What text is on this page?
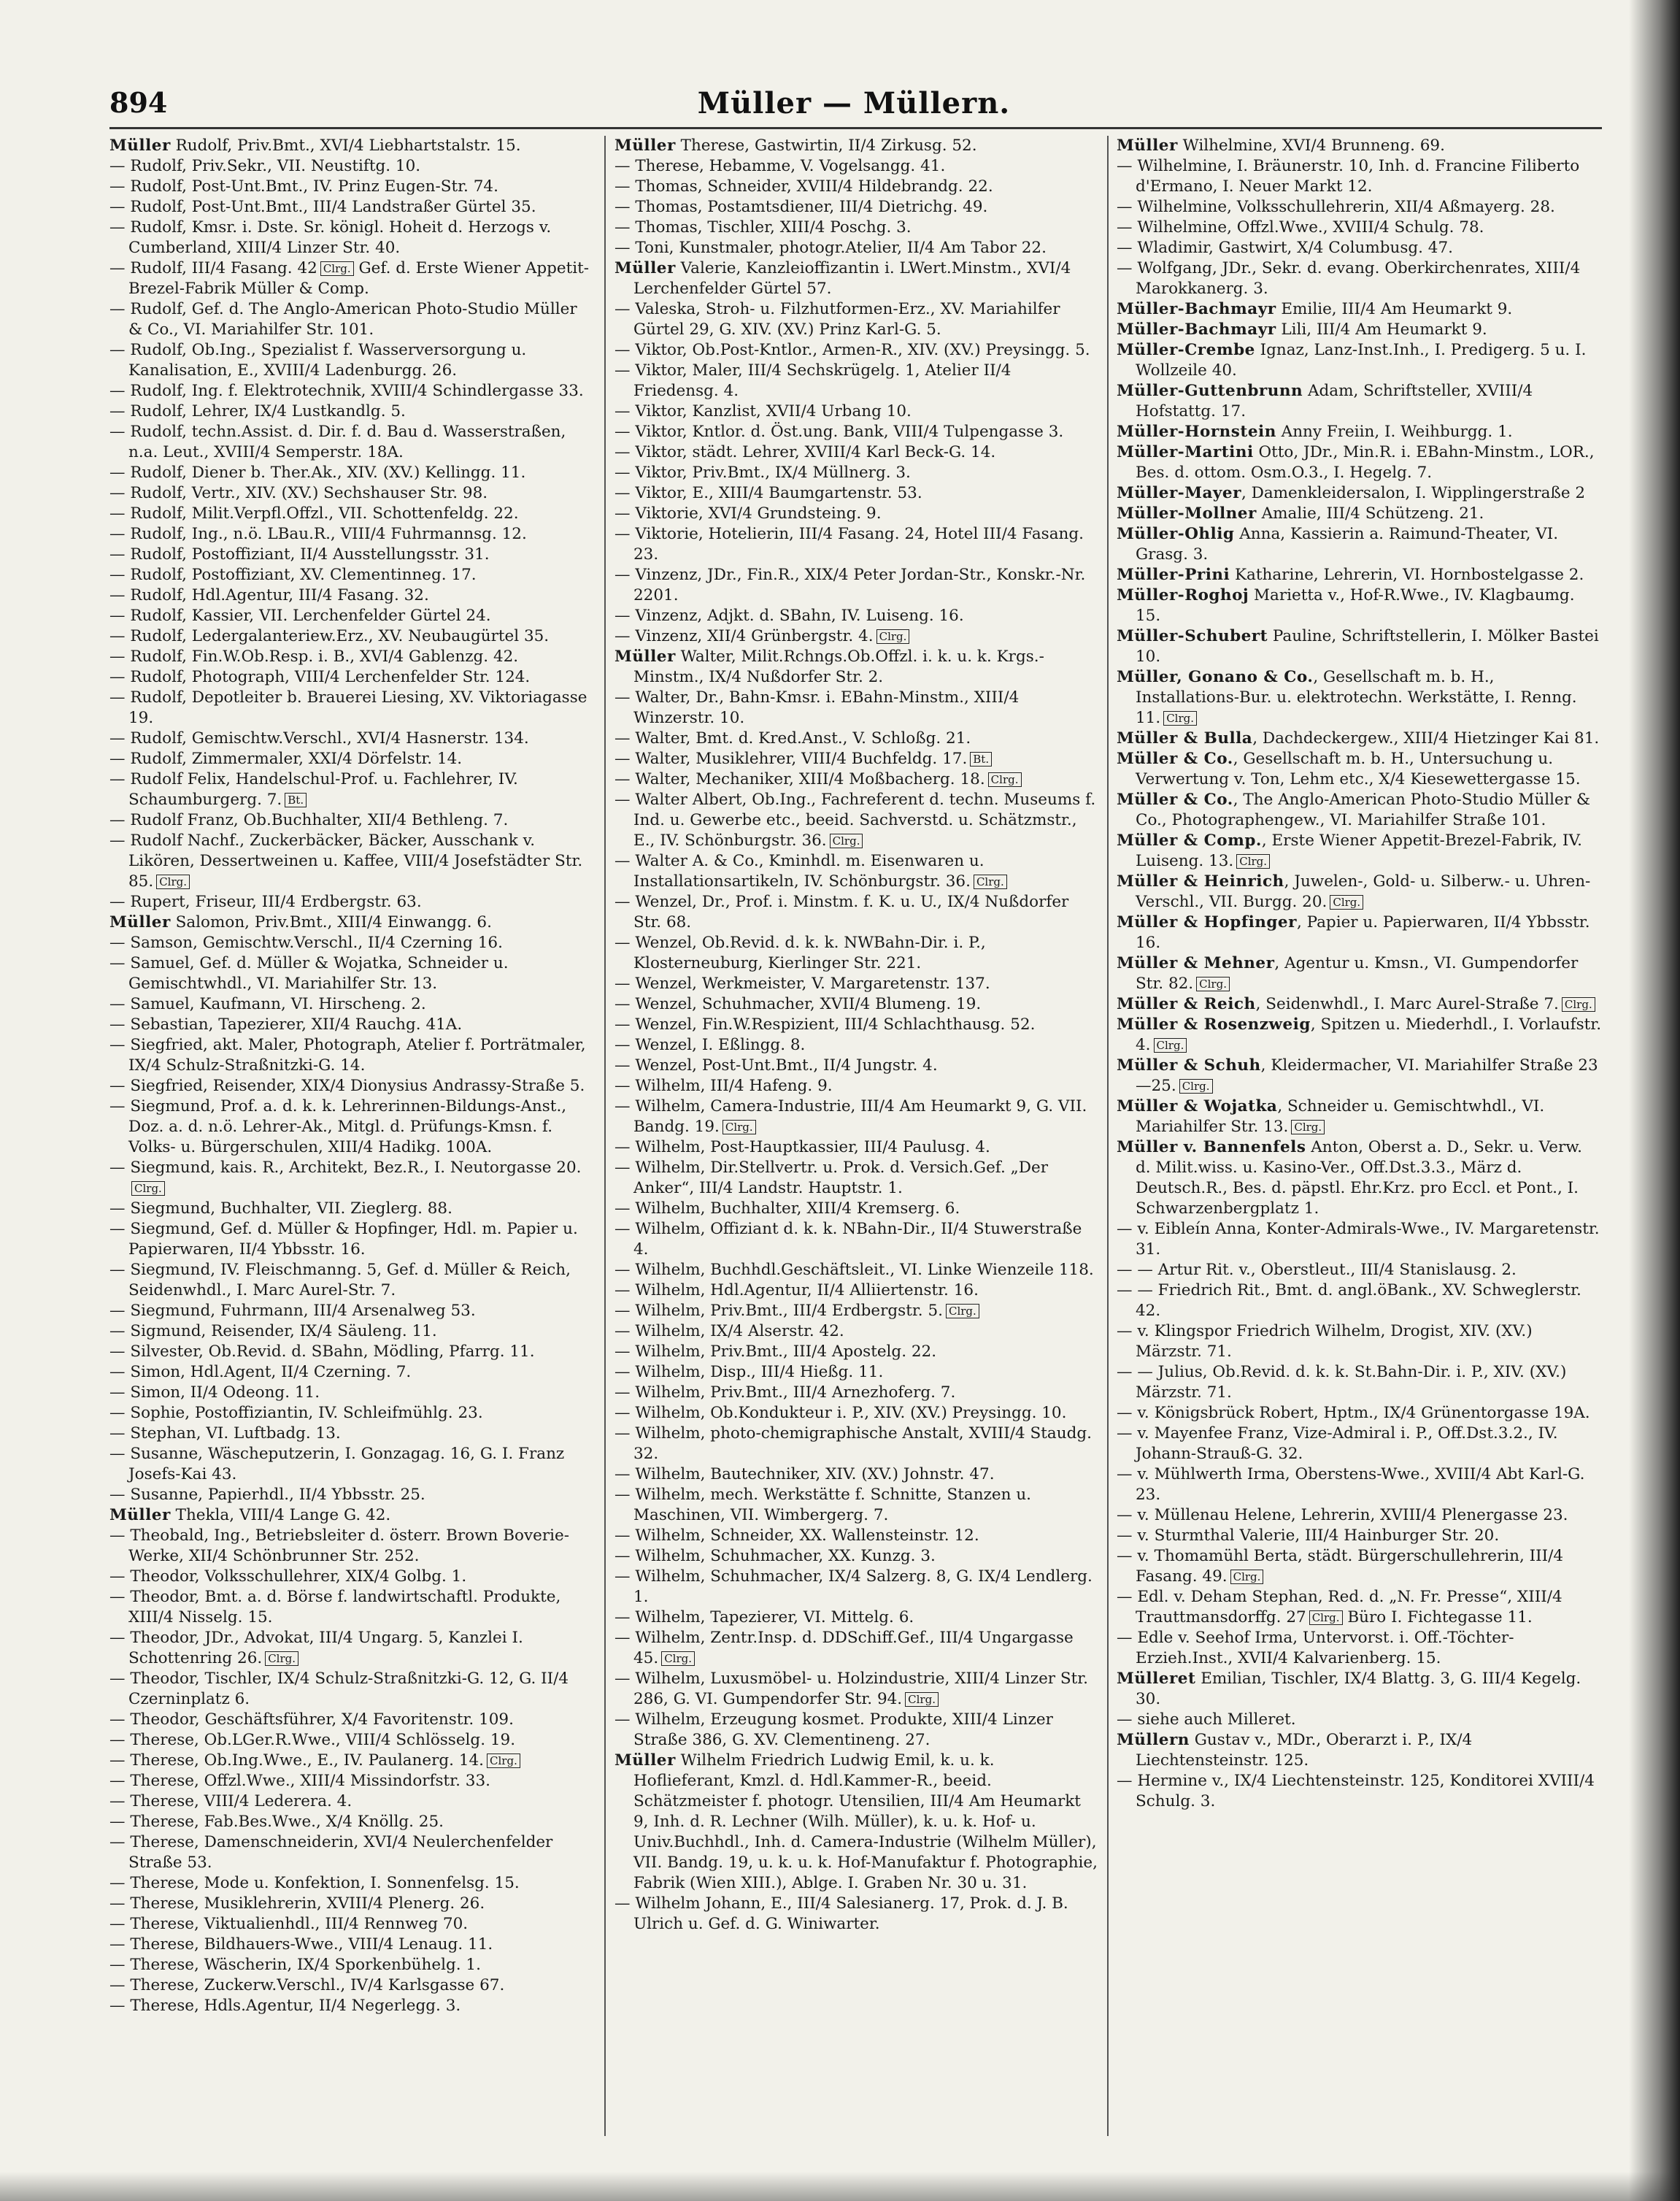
894	Müller — Müllern.

Müller Rudolf, Priv.Bmt., XVI/4 Liebhartstalstr. 15.

— Rudolf, Priv.Sekr., VII. Neustiftg. 10.

— Rudolf, Post-Unt.Bmt., IV. Prinz Eugen-Str. 74.

— Rudolf, Post-Unt.Bmt., III/4 Landstraßer Gürtel 35.

— Rudolf, Kmsr. i. Dste. Sr. königl. Hoheit d. Herzogs v. Cumberland, XIII/4 Linzer Str. 40.

— Rudolf, III/4 Fasang. 42 Clrg. Gef. d. Erste Wiener Appetit-Brezel-Fabrik Müller & Comp.

— Rudolf, Gef. d. The Anglo-American Photo-Studio Müller & Co., VI. Mariahilfer Str. 101.

— Rudolf, Ob.Ing., Spezialist f. Wasserversorgung u. Kanalisation, E., XVIII/4 Ladenburgg. 26.

— Rudolf, Ing. f. Elektrotechnik, XVIII/4 Schindlergasse 33.

— Rudolf, Lehrer, IX/4 Lustkandlg. 5.

— Rudolf, techn.Assist. d. Dir. f. d. Bau d. Wasserstraßen, n.a. Leut., XVIII/4 Semperstr. 18A.

— Rudolf, Diener b. Ther.Ak., XIV. (XV.) Kellingg. 11.

— Rudolf, Vertr., XIV. (XV.) Sechshauser Str. 98.

— Rudolf, Milit.Verpfl.Offzl., VII. Schottenfeldg. 22.

— Rudolf, Ing., n.ö. LBau.R., VIII/4 Fuhrmannsg. 12.

— Rudolf, Postoffiziant, II/4 Ausstellungsstr. 31.

— Rudolf, Postoffiziant, XV. Clementinneg. 17.

— Rudolf, Hdl.Agentur, III/4 Fasang. 32.

— Rudolf, Kassier, VII. Lerchenfelder Gürtel 24.

— Rudolf, Ledergalanteriew.Erz., XV. Neubaugürtel 35.

— Rudolf, Fin.W.Ob.Resp. i. B., XVI/4 Gablenzg. 42.

— Rudolf, Photograph, VIII/4 Lerchenfelder Str. 124.

— Rudolf, Depotleiter b. Brauerei Liesing, XV. Viktoriagasse 19.

— Rudolf, Gemischtw.Verschl., XVI/4 Hasnerstr. 134.

— Rudolf, Zimmermaler, XXI/4 Dörfelstr. 14.

— Rudolf Felix, Handelschul-Prof. u. Fachlehrer, IV. Schaumburgerg. 7. Bt.

— Rudolf Franz, Ob.Buchhalter, XII/4 Bethleng. 7.

— Rudolf Nachf., Zuckerbäcker, Bäcker, Ausschank v. Likören, Dessertweinen u. Kaffee, VIII/4 Josefstädter Str. 85. Clrg.

— Rupert, Friseur, III/4 Erdbergstr. 63.

Müller Salomon, Priv.Bmt., XIII/4 Einwangg. 6.

— Samson, Gemischtw.Verschl., II/4 Czerning 16.

— Samuel, Gef. d. Müller & Wojatka, Schneider u. Gemischtwhdl., VI. Mariahilfer Str. 13.

— Samuel, Kaufmann, VI. Hirscheng. 2.

— Sebastian, Tapezierer, XII/4 Rauchg. 41A.

— Siegfried, akt. Maler, Photograph, Atelier f. Porträtmaler, IX/4 Schulz-Straßnitzki-G. 14.

— Siegfried, Reisender, XIX/4 Dionysius Andrassy-Straße 5.

— Siegmund, Prof. a. d. k. k. Lehrerinnen-Bildungs-Anst., Doz. a. d. n.ö. Lehrer-Ak., Mitgl. d. Prüfungs-Kmsn. f. Volks- u. Bürgerschulen, XIII/4 Hadikg. 100A.

— Siegmund, kais. R., Architekt, Bez.R., I. Neutorgasse 20.Clrg.

— Siegmund, Buchhalter, VII. Zieglerg. 88.

— Siegmund, Gef. d. Müller & Hopfinger, Hdl. m. Papier u. Papierwaren, II/4 Ybbsstr. 16.

— Siegmund, IV. Fleischmanng. 5, Gef. d. Müller & Reich, Seidenwhdl., I. Marc Aurel-Str. 7.

— Siegmund, Fuhrmann, III/4 Arsenalweg 53.

— Sigmund, Reisender, IX/4 Säuleng. 11.

— Silvester, Ob.Revid. d. SBahn, Mödling, Pfarrg. 11.

— Simon, Hdl.Agent, II/4 Czerning. 7.

— Simon, II/4 Odeong. 11.

— Sophie, Postoffiziantin, IV. Schleifmühlg. 23.

— Stephan, VI. Luftbadg. 13.

— Susanne, Wäscheputzerin, I. Gonzagag. 16, G. I. Franz Josefs-Kai 43.

— Susanne, Papierhdl., II/4 Ybbsstr. 25.

Müller Thekla, VIII/4 Lange G. 42.

— Theobald, Ing., Betriebsleiter d. österr. Brown Boverie-Werke, XII/4 Schönbrunner Str. 252.

— Theodor, Volksschullehrer, XIX/4 Golbg. 1.

— Theodor, Bmt. a. d. Börse f. landwirtschaftl. Produkte, XIII/4 Nisselg. 15.

— Theodor, JDr., Advokat, III/4 Ungarg. 5, Kanzlei I. Schottenring 26. Clrg.

— Theodor, Tischler, IX/4 Schulz-Straßnitzki-G. 12, G. II/4 Czerninplatz 6.

— Theodor, Geschäftsführer, X/4 Favoritenstr. 109.

— Therese, Ob.LGer.R.Wwe., VIII/4 Schlösselg. 19.

— Therese, Ob.Ing.Wwe., E., IV. Paulanerg. 14. Clrg.

— Therese, Offzl.Wwe., XIII/4 Missindorfstr. 33.

— Therese, VIII/4 Lederera. 4.

— Therese, Fab.Bes.Wwe., X/4 Knöllg. 25.

— Therese, Damenschneiderin, XVI/4 Neulerchenfelder Straße 53.

— Therese, Mode u. Konfektion, I. Sonnenfelsg. 15.

— Therese, Musiklehrerin, XVIII/4 Plenerg. 26.

— Therese, Viktualienhdl., III/4 Rennweg 70.

— Therese, Bildhauers-Wwe., VIII/4 Lenaug. 11.

— Therese, Wäscherin, IX/4 Sporkenbühelg. 1.

— Therese, Zuckerw.Verschl., IV/4 Karlsgasse 67.

— Therese, Hdls.Agentur, II/4 Negerlegg. 3.

Müller Therese, Gastwirtin, II/4 Zirkusg. 52.

— Therese, Hebamme, V. Vogelsangg. 41.

— Thomas, Schneider, XVIII/4 Hildebrandg. 22.

— Thomas, Postamtsdiener, III/4 Dietrichg. 49.

— Thomas, Tischler, XIII/4 Poschg. 3.

— Toni, Kunstmaler, photogr.Atelier, II/4 Am Tabor 22.

Müller Valerie, Kanzleioffizantin i. LWert.Minstm., XVI/4 Lerchenfelder Gürtel 57.

— Valeska, Stroh- u. Filzhutformen-Erz., XV. Mariahilfer Gürtel 29, G. XIV. (XV.) Prinz Karl-G. 5.

— Viktor, Ob.Post-Kntlor., Armen-R., XIV. (XV.) Preysingg. 5.

— Viktor, Maler, III/4 Sechskrügelg. 1, Atelier II/4 Friedensg. 4.

— Viktor, Kanzlist, XVII/4 Urbang 10.

— Viktor, Kntlor. d. Öst.ung. Bank, VIII/4 Tulpengasse 3.

— Viktor, städt. Lehrer, XVIII/4 Karl Beck-G. 14.

— Viktor, Priv.Bmt., IX/4 Müllnerg. 3.

— Viktor, E., XIII/4 Baumgartenstr. 53.

— Viktorie, XVI/4 Grundsteing. 9.

— Viktorie, Hotelierin, III/4 Fasang. 24, Hotel III/4 Fasang. 23.

— Vinzenz, JDr., Fin.R., XIX/4 Peter Jordan-Str., Konskr.-Nr. 2201.

— Vinzenz, Adjkt. d. SBahn, IV. Luiseng. 16.

— Vinzenz, XII/4 Grünbergstr. 4. Clrg.

Müller Walter, Milit.Rchngs.Ob.Offzl. i. k. u. k. Krgs.-Minstm., IX/4 Nußdorfer Str. 2.

— Walter, Dr., Bahn-Kmsr. i. EBahn-Minstm., XIII/4 Winzerstr. 10.

— Walter, Bmt. d. Kred.Anst., V. Schloßg. 21.

— Walter, Musiklehrer, VIII/4 Buchfeldg. 17. Bt.

— Walter, Mechaniker, XIII/4 Moßbacherg. 18. Clrg.

— Walter Albert, Ob.Ing., Fachreferent d. techn. Museums f. Ind. u. Gewerbe etc., beeid. Sachverstd. u. Schätzmstr., E., IV. Schönburgstr. 36. Clrg.

— Walter A. & Co., Kminhdl. m. Eisenwaren u. Installationsartikeln, IV. Schönburgstr. 36. Clrg.

— Wenzel, Dr., Prof. i. Minstm. f. K. u. U., IX/4 Nußdorfer Str. 68.

— Wenzel, Ob.Revid. d. k. k. NWBahn-Dir. i. P., Klosterneuburg, Kierlinger Str. 221.

— Wenzel, Werkmeister, V. Margaretenstr. 137.

— Wenzel, Schuhmacher, XVII/4 Blumeng. 19.

— Wenzel, Fin.W.Respizient, III/4 Schlachthausg. 52.

— Wenzel, I. Eßlingg. 8.

— Wenzel, Post-Unt.Bmt., II/4 Jungstr. 4.

— Wilhelm, III/4 Hafeng. 9.

— Wilhelm, Camera-Industrie, III/4 Am Heumarkt 9, G. VII. Bandg. 19. Clrg.

— Wilhelm, Post-Hauptkassier, III/4 Paulusg. 4.

— Wilhelm, Dir.Stellvertr. u. Prok. d. Versich.Gef. „Der Anker“, III/4 Landstr. Hauptstr. 1.

— Wilhelm, Buchhalter, XIII/4 Kremserg. 6.

— Wilhelm, Offiziant d. k. k. NBahn-Dir., II/4 Stuwerstraße 4.

— Wilhelm, Buchhdl.Geschäftsleit., VI. Linke Wienzeile 118.

— Wilhelm, Hdl.Agentur, II/4 Alliiertenstr. 16.

— Wilhelm, Priv.Bmt., III/4 Erdbergstr. 5. Clrg.

— Wilhelm, IX/4 Alserstr. 42.

— Wilhelm, Priv.Bmt., III/4 Apostelg. 22.

— Wilhelm, Disp., III/4 Hießg. 11.

— Wilhelm, Priv.Bmt., III/4 Arnezhoferg. 7.

— Wilhelm, Ob.Kondukteur i. P., XIV. (XV.) Preysingg. 10.

— Wilhelm, photo-chemigraphische Anstalt, XVIII/4 Staudg. 32.

— Wilhelm, Bautechniker, XIV. (XV.) Johnstr. 47.

— Wilhelm, mech. Werkstätte f. Schnitte, Stanzen u. Maschinen, VII. Wimbergerg. 7.

— Wilhelm, Schneider, XX. Wallensteinstr. 12.

— Wilhelm, Schuhmacher, XX. Kunzg. 3.

— Wilhelm, Schuhmacher, IX/4 Salzerg. 8, G. IX/4 Lendlerg. 1.

— Wilhelm, Tapezierer, VI. Mittelg. 6.

— Wilhelm, Zentr.Insp. d. DDSchiff.Gef., III/4 Ungargasse 45. Clrg.

— Wilhelm, Luxusmöbel- u. Holzindustrie, XIII/4 Linzer Str. 286, G. VI. Gumpendorfer Str. 94. Clrg.

— Wilhelm, Erzeugung kosmet. Produkte, XIII/4 Linzer Straße 386, G. XV. Clementineng. 27.

Müller Wilhelm Friedrich Ludwig Emil, k. u. k. Hoflieferant, Kmzl. d. Hdl.Kammer-R., beeid. Schätzmeister f. photogr. Utensilien, III/4 Am Heumarkt 9, Inh. d. R. Lechner (Wilh. Müller), k. u. k. Hof- u. Univ.Buchhdl., Inh. d. Camera-Industrie (Wilhelm Müller), VII. Bandg. 19, u. k. u. k. Hof-Manufaktur f. Photographie, Fabrik (Wien XIII.), Ablge. I. Graben Nr. 30 u. 31.

— Wilhelm Johann, E., III/4 Salesianerg. 17, Prok. d. J. B. Ulrich u. Gef. d. G. Winiwarter.

Müller Wilhelmine, XVI/4 Brunneng. 69.

— Wilhelmine, I. Bräunerstr. 10, Inh. d. Francine Filiberto d'Ermano, I. Neuer Markt 12.

— Wilhelmine, Volksschullehrerin, XII/4 Aßmayerg. 28.

— Wilhelmine, Offzl.Wwe., XVIII/4 Schulg. 78.

— Wladimir, Gastwirt, X/4 Columbusg. 47.

— Wolfgang, JDr., Sekr. d. evang. Oberkirchenrates, XIII/4 Marokkanerg. 3.

Müller-Bachmayr Emilie, III/4 Am Heumarkt 9.

Müller-Bachmayr Lili, III/4 Am Heumarkt 9.

Müller-Crembe Ignaz, Lanz-Inst.Inh., I. Predigerg. 5 u. I. Wollzeile 40.

Müller-Guttenbrunn Adam, Schriftsteller, XVIII/4 Hofstattg. 17.

Müller-Hornstein Anny Freiin, I. Weihburgg. 1.

Müller-Martini Otto, JDr., Min.R. i. EBahn-Minstm., LOR., Bes. d. ottom. Osm.O.3., I. Hegelg. 7.

Müller-Mayer, Damenkleidersalon, I. Wipplingerstraße 2

Müller-Mollner Amalie, III/4 Schützeng. 21.

Müller-Ohlig Anna, Kassierin a. Raimund-Theater, VI. Grasg. 3.

Müller-Prini Katharine, Lehrerin, VI. Hornbostelgasse 2.

Müller-Roghoj Marietta v., Hof-R.Wwe., IV. Klagbaumg. 15.

Müller-Schubert Pauline, Schriftstellerin, I. Mölker Bastei 10.

Müller, Gonano & Co., Gesellschaft m. b. H., Installations-Bur. u. elektrotechn. Werkstätte, I. Renng. 11. Clrg.

Müller & Bulla, Dachdeckergew., XIII/4 Hietzinger Kai 81.

Müller & Co., Gesellschaft m. b. H., Untersuchung u. Verwertung v. Ton, Lehm etc., X/4 Kiesewettergasse 15.

Müller & Co., The Anglo-American Photo-Studio Müller & Co., Photographengew., VI. Mariahilfer Straße 101.

Müller & Comp., Erste Wiener Appetit-Brezel-Fabrik, IV. Luiseng. 13. Clrg.

Müller & Heinrich, Juwelen-, Gold- u. Silberw.- u. Uhren-Verschl., VII. Burgg. 20. Clrg.

Müller & Hopfinger, Papier u. Papierwaren, II/4 Ybbsstr. 16.

Müller & Mehner, Agentur u. Kmsn., VI. Gumpendorfer Str. 82. Clrg.

Müller & Reich, Seidenwhdl., I. Marc Aurel-Straße 7. Clrg.

Müller & Rosenzweig, Spitzen u. Miederhdl., I. Vorlaufstr. 4. Clrg.

Müller & Schuh, Kleidermacher, VI. Mariahilfer Straße 23—25. Clrg.

Müller & Wojatka, Schneider u. Gemischtwhdl., VI. Mariahilfer Str. 13. Clrg.

Müller v. Bannenfels Anton, Oberst a. D., Sekr. u. Verw. d. Milit.wiss. u. Kasino-Ver., Off.Dst.3.3., März d. Deutsch.R., Bes. d. päpstl. Ehr.Krz. pro Eccl. et Pont., I. Schwarzenbergplatz 1.

— v. Eibleín Anna, Konter-Admirals-Wwe., IV. Margaretenstr. 31.

— — Artur Rit. v., Oberstleut., III/4 Stanislausg. 2.

— — Friedrich Rit., Bmt. d. angl.öBank., XV. Schweglerstr. 42.

— v. Klingspor Friedrich Wilhelm, Drogist, XIV. (XV.) Märzstr. 71.

— — Julius, Ob.Revid. d. k. k. St.Bahn-Dir. i. P., XIV. (XV.) Märzstr. 71.

— v. Königsbrück Robert, Hptm., IX/4 Grünentorgasse 19A.

— v. Mayenfee Franz, Vize-Admiral i. P., Off.Dst.3.2., IV. Johann-Strauß-G. 32.

— v. Mühlwerth Irma, Oberstens-Wwe., XVIII/4 Abt Karl-G. 23.

— v. Müllenau Helene, Lehrerin, XVIII/4 Plenergasse 23.

— v. Sturmthal Valerie, III/4 Hainburger Str. 20.

— v. Thomamühl Berta, städt. Bürgerschullehrerin, III/4 Fasang. 49. Clrg.

— Edl. v. Deham Stephan, Red. d. „N. Fr. Presse“, XIII/4 Trauttmansdorffg. 27 Clrg. Büro I. Fichtegasse 11.

— Edle v. Seehof Irma, Untervorst. i. Off.-Töchter-Erzieh.Inst., XVII/4 Kalvarienberg. 15.

Mülleret Emilian, Tischler, IX/4 Blattg. 3, G. III/4 Kegelg. 30.

— siehe auch Milleret.

Müllern Gustav v., MDr., Oberarzt i. P., IX/4 Liechtensteinstr. 125.

— Hermine v., IX/4 Liechtensteinstr. 125, Konditorei XVIII/4 Schulg. 3.
